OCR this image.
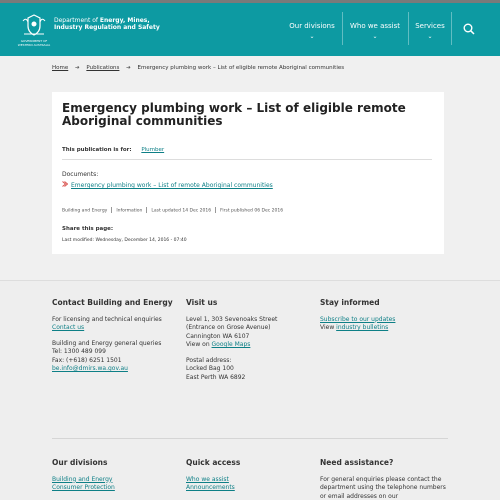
GOVERNMENT OF WESTERN AUSTRALIA
Department of Energy, Mines,
Industry Regulation and Safety	Our divisions
⌄
Who we assist
⌄
Services
⌄
Home ➔ Publications ➔ Emergency plumbing work – List of eligible remote Aboriginal communities
Emergency plumbing work – List of eligible remote Aboriginal communities
This publication is for: Plumber
Documents:
Emergency plumbing work – List of remote Aboriginal communities
Building and Energy Information Last updated 14 Dec 2016 First published 06 Dec 2016
Share this page:
Last modified: Wednesday, December 14, 2016 - 07:40
Contact Building and Energy

For licensing and technical enquiries
Contact us

Building and Energy general queries
Tel: 1300 489 099
Fax: (+618) 6251 1501
be.info@dmirs.wa.gov.au

Visit us

Level 1, 303 Sevenoaks Street
(Entrance on Grose Avenue)
Cannington WA 6107
View on Google Maps

Postal address:
Locked Bag 100
East Perth WA 6892

Stay informed

Subscribe to our updates
View industry bulletins

Our divisions
Building and Energy
Consumer Protection
Quick access
Who we assist
Announcements
Need assistance?
For general enquiries please contact the department using the telephone numbers or email addresses on our
